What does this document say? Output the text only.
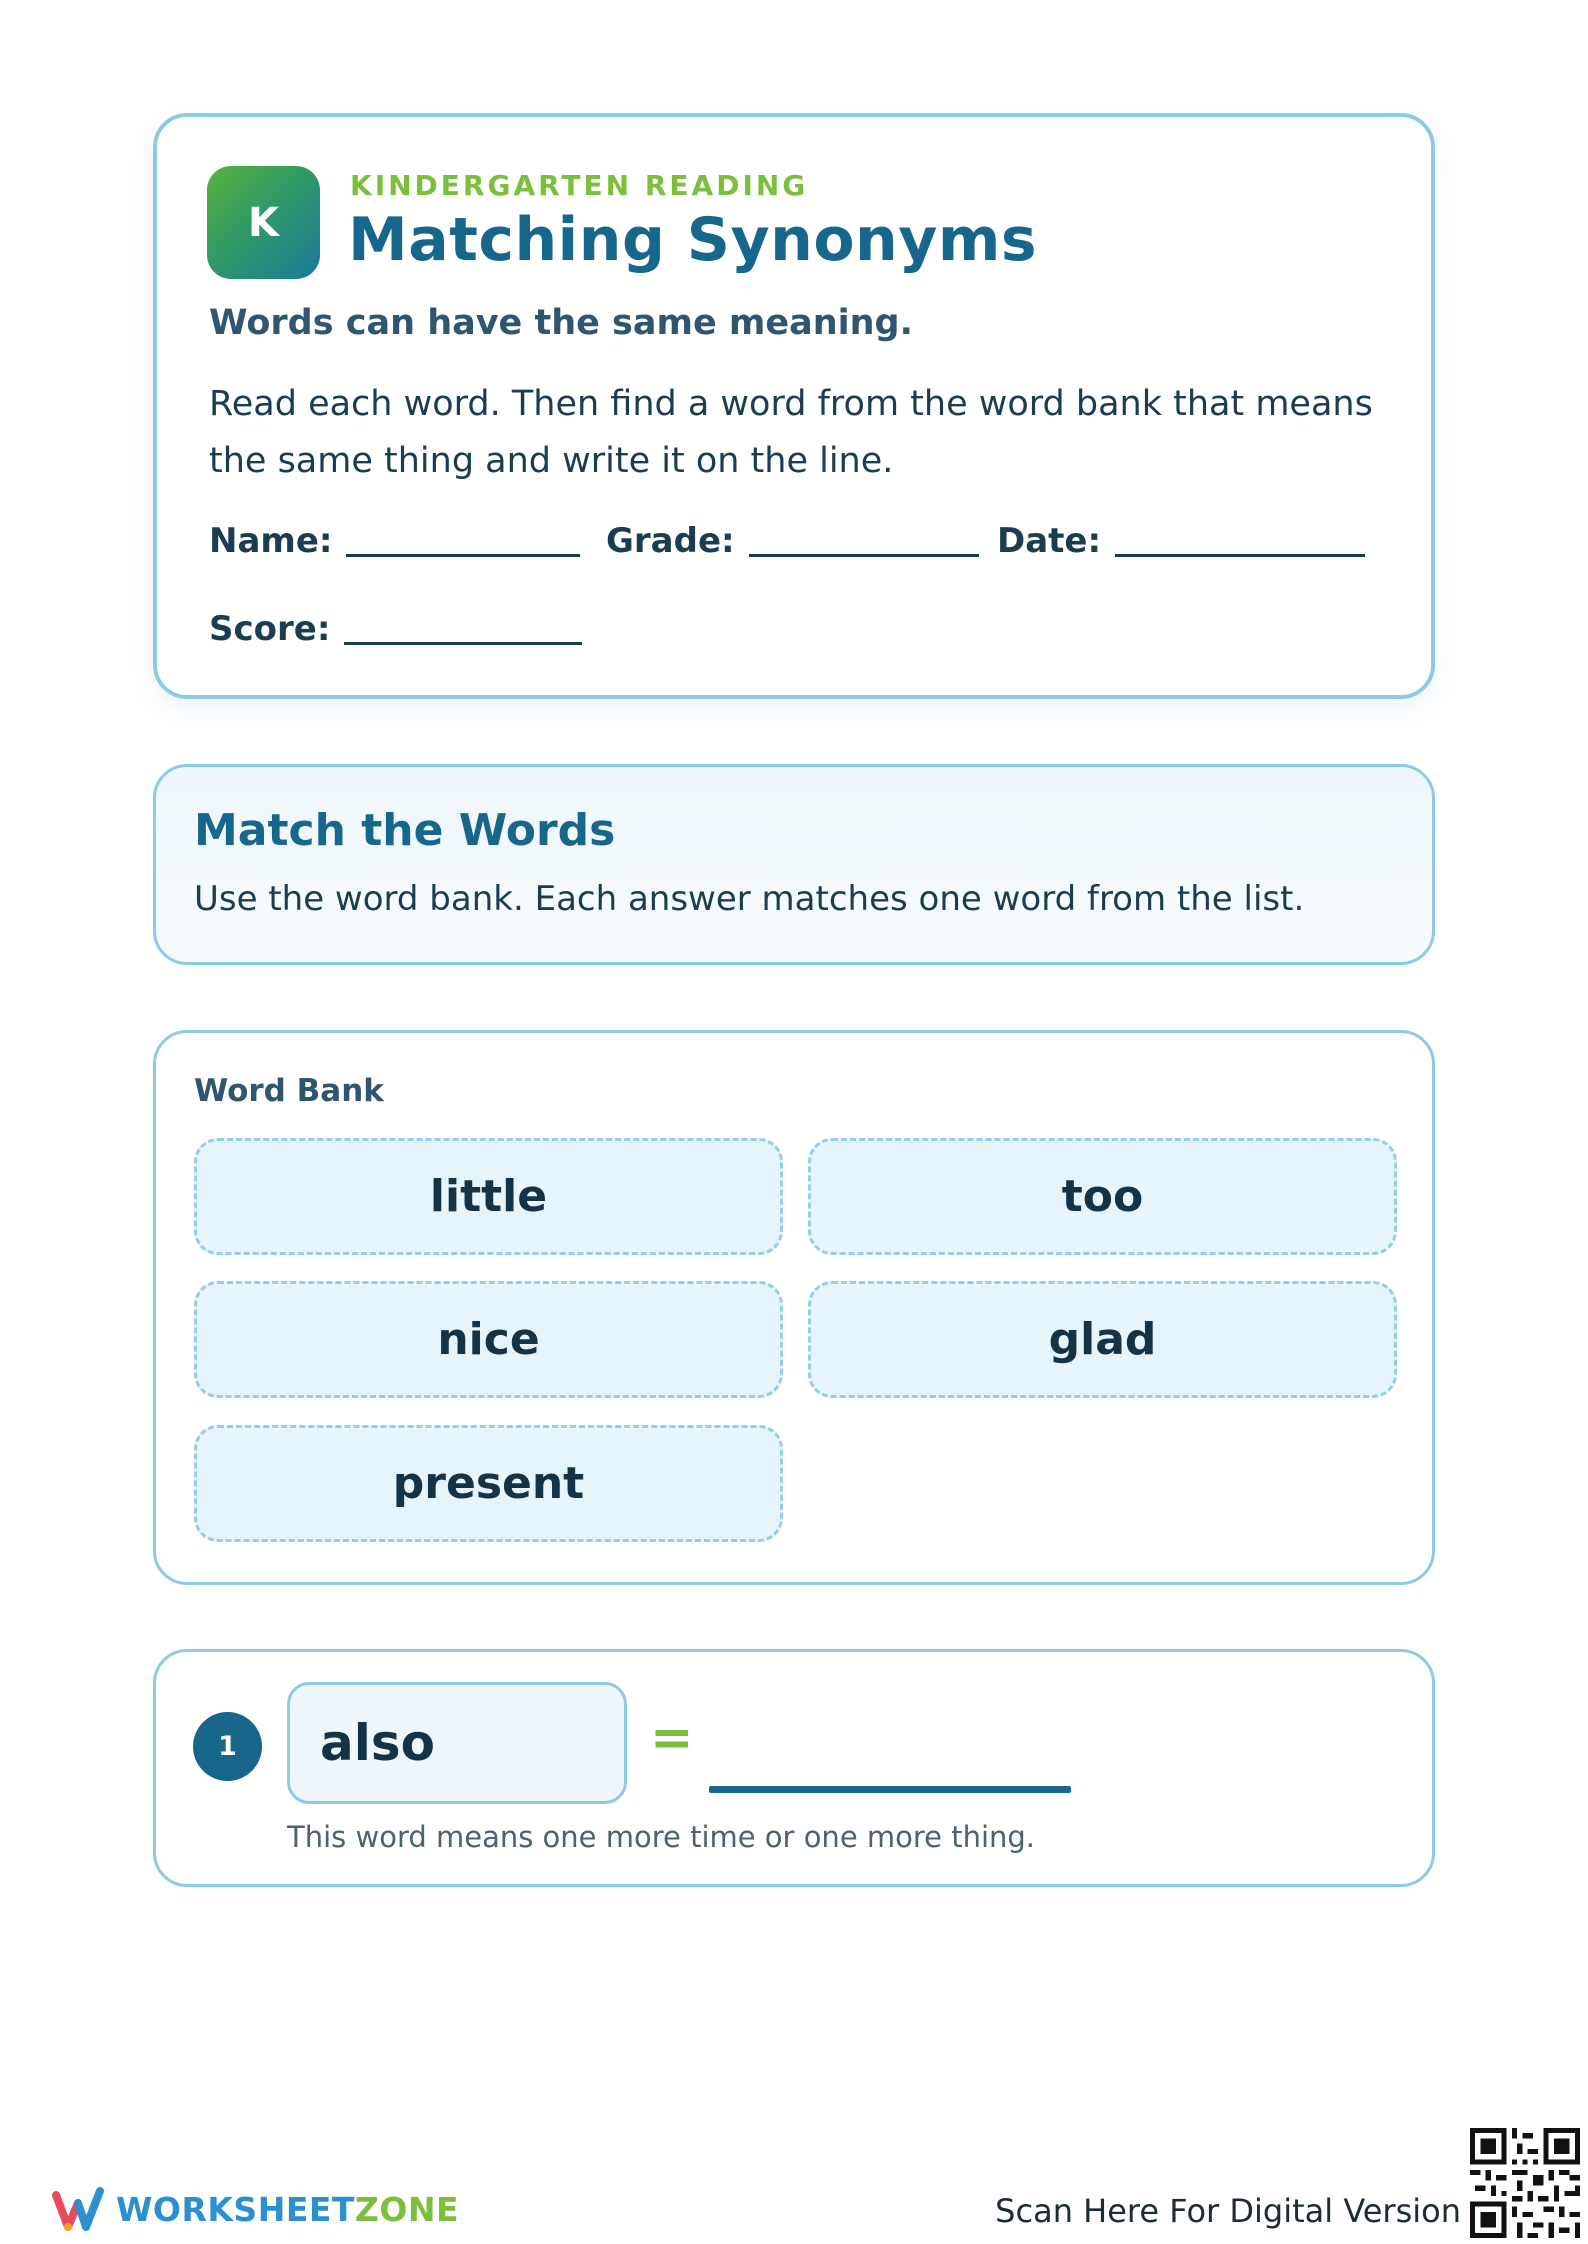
K
KINDERGARTEN READING
Matching Synonyms
Words can have the same meaning.
Read each word. Then find a word from the word bank that means the same thing and write it on the line.
Name:	Grade:	Date:
Score:
Match the Words
Use the word bank. Each answer matches one word from the list.
Word Bank
little	too
nice	glad
present
1	also	=
This word means one more time or one more thing.
WORKSHEETZONE	Scan Here For Digital Version
